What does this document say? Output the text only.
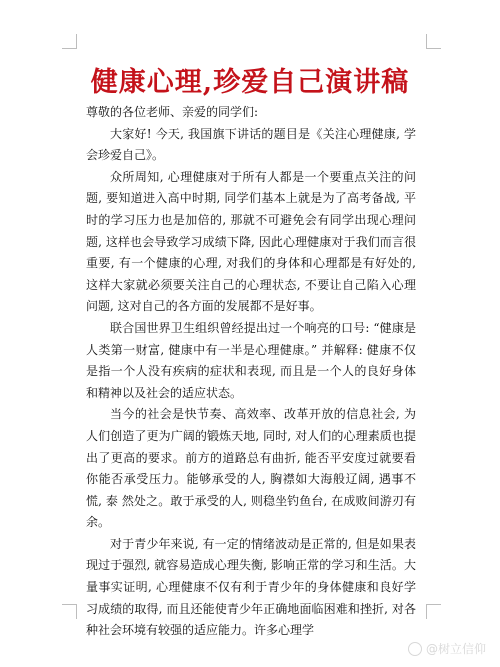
健康心理,珍爱自己演讲稿

尊敬的各位老师、亲爱的同学们:

大家好! 今天, 我国旗下讲话的题目是《关注心理健康, 学会珍爱自己》。

众所周知, 心理健康对于所有人都是一个要重点关注的问题, 要知道进入高中时期, 同学们基本上就是为了高考备战, 平时的学习压力也是加倍的, 那就不可避免会有同学出现心理问题, 这样也会导致学习成绩下降, 因此心理健康对于我们而言很重要, 有一个健康的心理, 对我们的身体和心理都是有好处的, 这样大家就必须要关注自己的心理状态, 不要让自己陷入心理问题, 这对自己的各方面的发展都不是好事。

联合国世界卫生组织曾经提出过一个响亮的口号: “健康是人类第一财富, 健康中有一半是心理健康。” 并解释: 健康不仅是指一个人没有疾病的症状和表现, 而且是一个人的良好身体和精神以及社会的适应状态。

当今的社会是快节奏、高效率、改革开放的信息社会, 为人们创造了更为广阔的锻炼天地, 同时, 对人们的心理素质也提出了更高的要求。前方的道路总有曲折, 能否平安度过就要看你能否承受压力。能够承受的人, 胸襟如大海般辽阔, 遇事不慌, 泰 然处之。敢于承受的人, 则稳坐钓鱼台, 在成败间游刃有余。

对于青少年来说, 有一定的情绪波动是正常的, 但是如果表现过于强烈, 就容易造成心理失衡, 影响正常的学习和生活。大量事实证明, 心理健康不仅有利于青少年的身体健康和良好学习成绩的取得, 而且还能使青少年正确地面临困难和挫折, 对各种社会环境有较强的适应能力。许多心理学

@树立信仰
